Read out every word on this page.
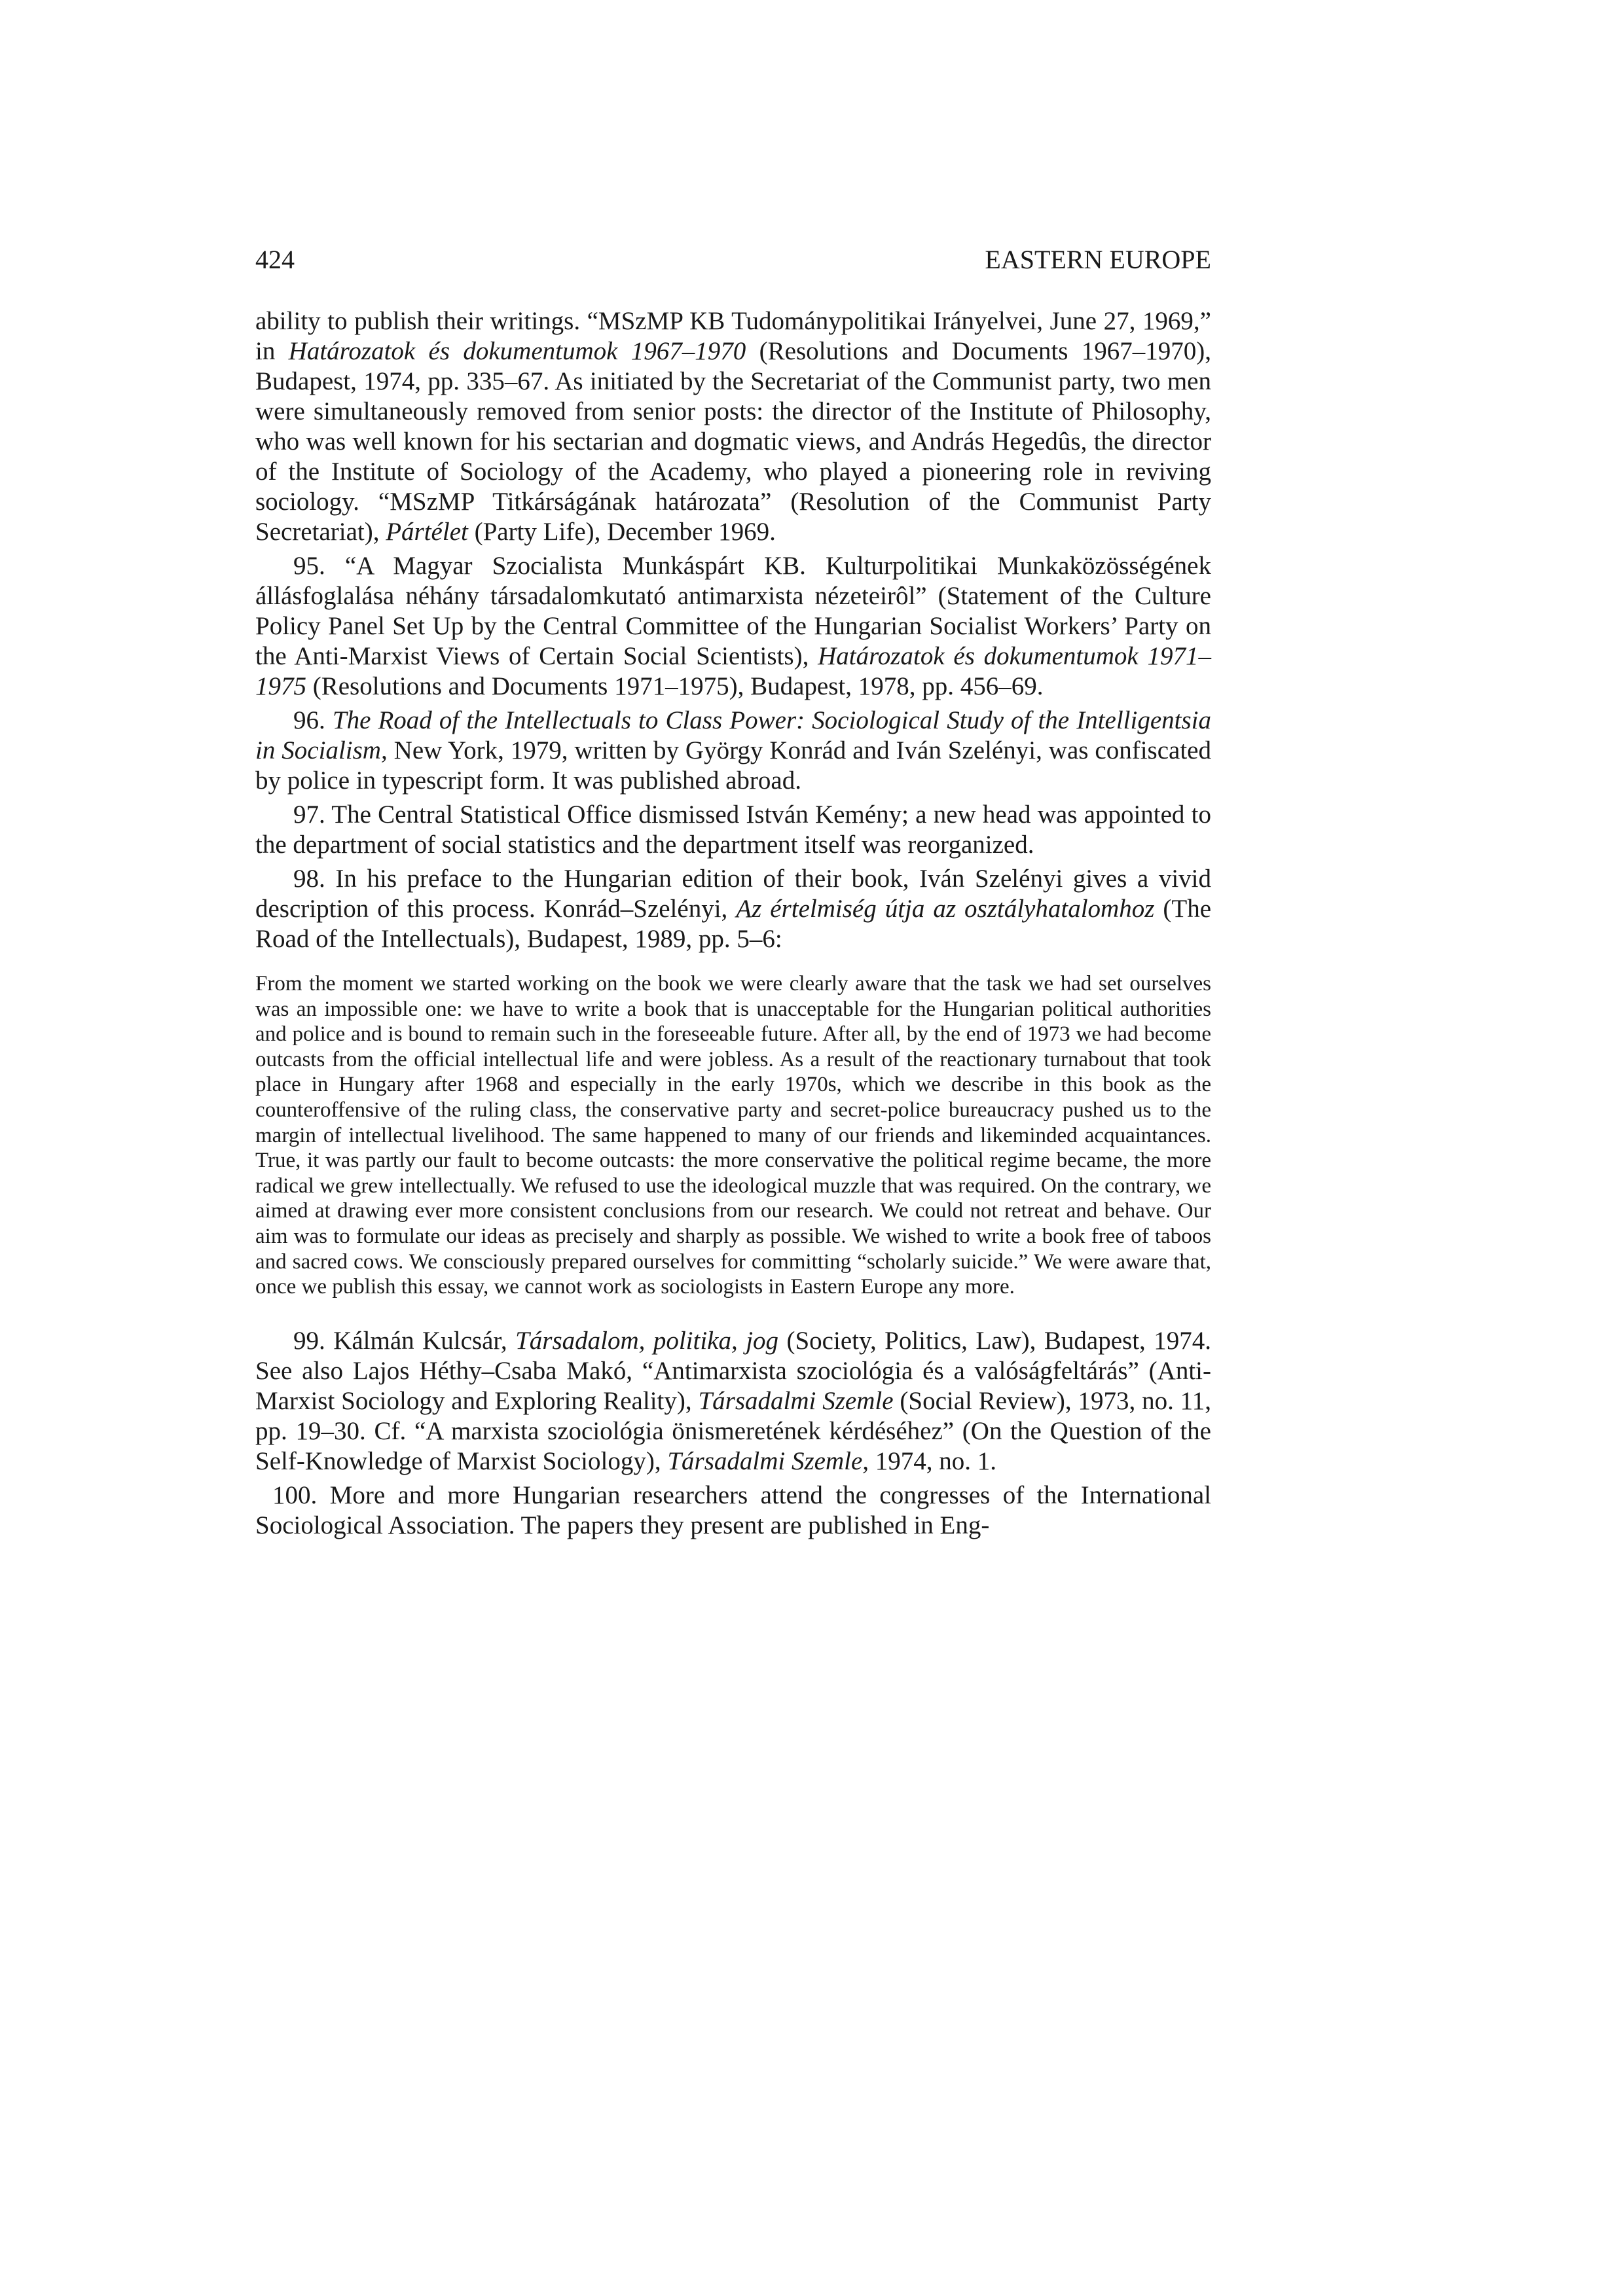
424	EASTERN EUROPE

ability to publish their writings. “MSzMP KB Tudománypolitikai Irányelvei, June 27, 1969,” in Határozatok és dokumentumok 1967–1970 (Resolutions and Documents 1967–1970), Budapest, 1974, pp. 335–67. As initiated by the Secretariat of the Communist party, two men were simultaneously removed from senior posts: the director of the Institute of Philosophy, who was well known for his sectarian and dogmatic views, and András Hegedûs, the director of the Institute of Sociology of the Academy, who played a pioneering role in reviving sociology. “MSzMP Titkárságának határozata” (Resolution of the Communist Party Secretariat), Pártélet (Party Life), December 1969.

95. “A Magyar Szocialista Munkáspárt KB. Kulturpolitikai Munkaközösségének állásfoglalása néhány társadalomkutató antimarxista nézeteirôl” (Statement of the Culture Policy Panel Set Up by the Central Committee of the Hungarian Socialist Workers’ Party on the Anti-Marxist Views of Certain Social Scientists), Határozatok és dokumentumok 1971–1975 (Resolutions and Documents 1971–1975), Budapest, 1978, pp. 456–69.

96. The Road of the Intellectuals to Class Power: Sociological Study of the Intelligentsia in Socialism, New York, 1979, written by György Konrád and Iván Szelényi, was confiscated by police in typescript form. It was published abroad.

97. The Central Statistical Office dismissed István Kemény; a new head was appointed to the department of social statistics and the department itself was reorganized.

98. In his preface to the Hungarian edition of their book, Iván Szelényi gives a vivid description of this process. Konrád–Szelényi, Az értelmiség útja az osztályhatalomhoz (The Road of the Intellectuals), Budapest, 1989, pp. 5–6:

From the moment we started working on the book we were clearly aware that the task we had set ourselves was an impossible one: we have to write a book that is unacceptable for the Hungarian political authorities and police and is bound to remain such in the foreseeable future. After all, by the end of 1973 we had become outcasts from the official intellectual life and were jobless. As a result of the reactionary turnabout that took place in Hungary after 1968 and especially in the early 1970s, which we describe in this book as the counteroffensive of the ruling class, the conservative party and secret-police bureaucracy pushed us to the margin of intellectual livelihood. The same happened to many of our friends and likeminded acquaintances. True, it was partly our fault to become outcasts: the more conservative the political regime became, the more radical we grew intellectually. We refused to use the ideological muzzle that was required. On the contrary, we aimed at drawing ever more consistent conclusions from our research. We could not retreat and behave. Our aim was to formulate our ideas as precisely and sharply as possible. We wished to write a book free of taboos and sacred cows. We consciously prepared ourselves for committing “scholarly suicide.” We were aware that, once we publish this essay, we cannot work as sociologists in Eastern Europe any more.

99. Kálmán Kulcsár, Társadalom, politika, jog (Society, Politics, Law), Budapest, 1974. See also Lajos Héthy–Csaba Makó, “Antimarxista szociológia és a valóságfeltárás” (Anti-Marxist Sociology and Exploring Reality), Társadalmi Szemle (Social Review), 1973, no. 11, pp. 19–30. Cf. “A marxista szociológia önismeretének kérdéséhez” (On the Question of the Self-Knowledge of Marxist Sociology), Társadalmi Szemle, 1974, no. 1.

100. More and more Hungarian researchers attend the congresses of the International Sociological Association. The papers they present are published in Eng-
